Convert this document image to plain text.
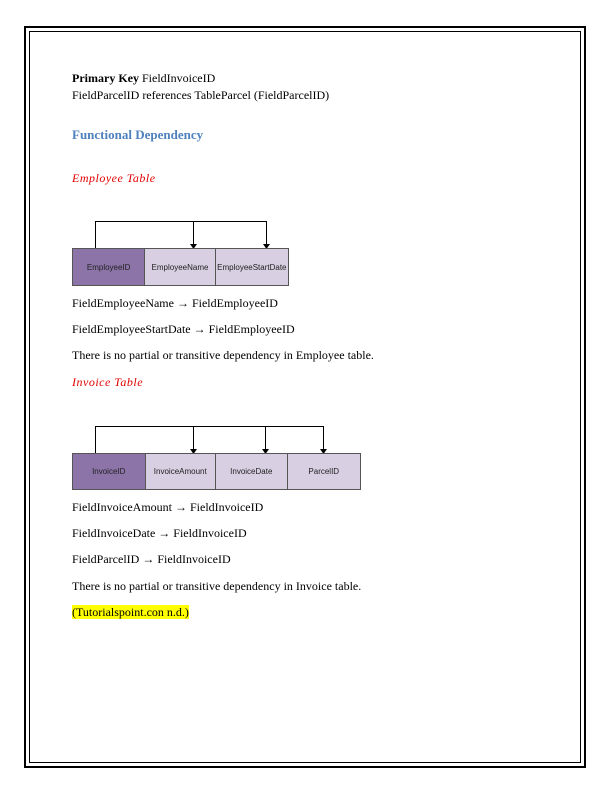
Primary Key FieldInvoiceID
FieldParcelID references TableParcel (FieldParcelID)
Functional Dependency
Employee Table
EmployeeID	EmployeeName	EmployeeStartDate
FieldEmployeeName → FieldEmployeeID
FieldEmployeeStartDate → FieldEmployeeID
There is no partial or transitive dependency in Employee table.
Invoice Table
InvoiceID	InvoiceAmount	InvoiceDate	ParcelID
FieldInvoiceAmount → FieldInvoiceID
FieldInvoiceDate → FieldInvoiceID
FieldParcelID → FieldInvoiceID
There is no partial or transitive dependency in Invoice table.
(Tutorialspoint.con n.d.)
